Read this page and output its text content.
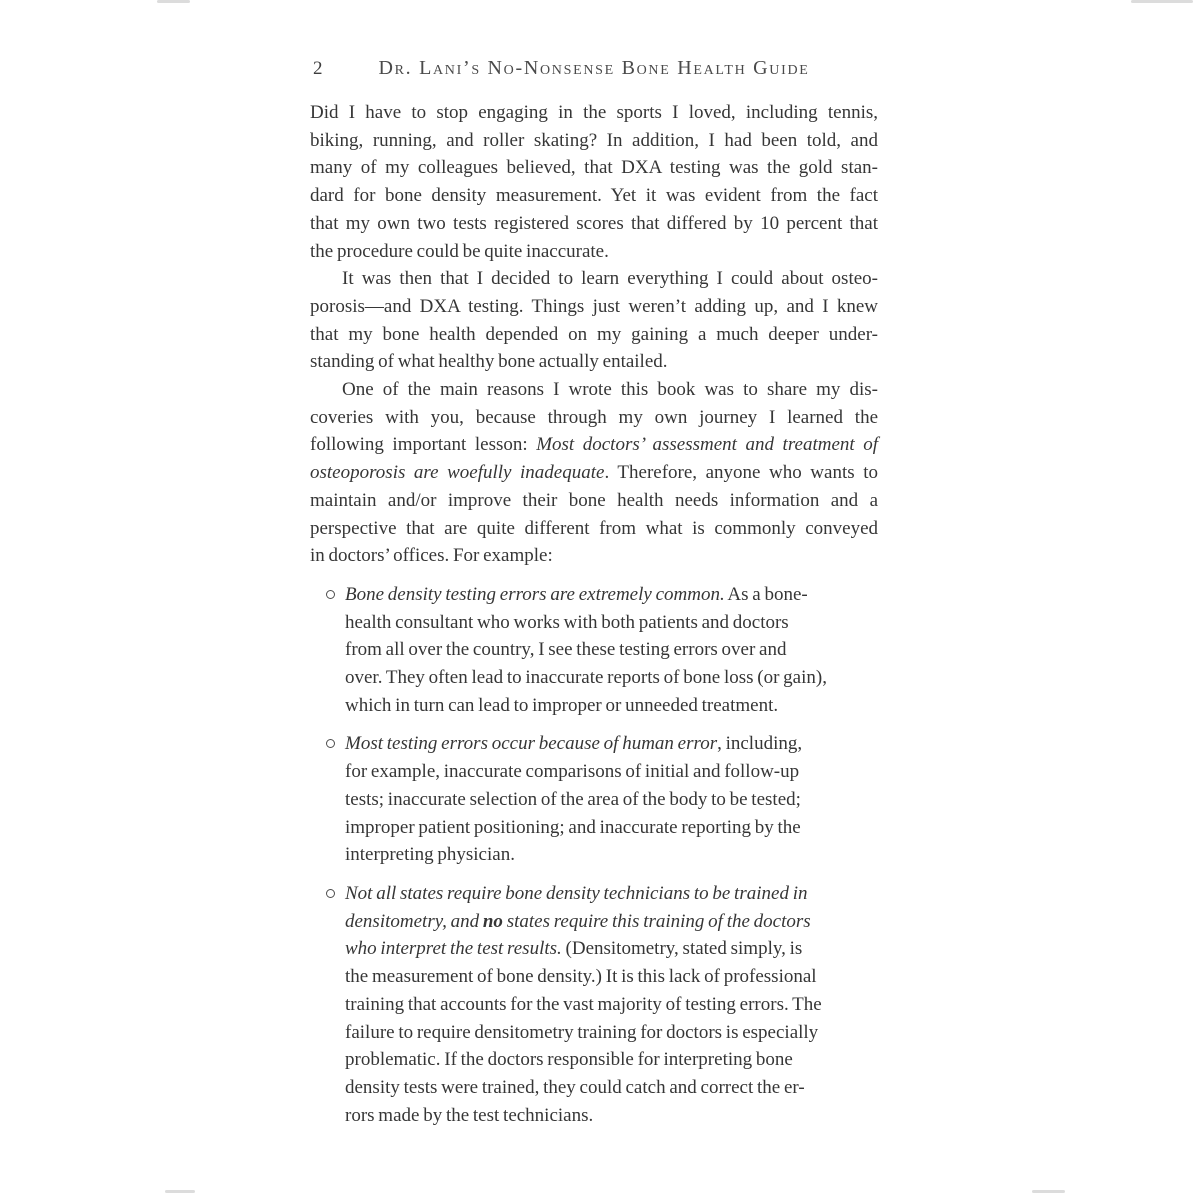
2	Dr. Lani’s No-Nonsense Bone Health Guide
Did I have to stop engaging in the sports I loved, including tennis,
biking, running, and roller skating? In addition, I had been told, and
many of my colleagues believed, that DXA testing was the gold stan-
dard for bone density measurement. Yet it was evident from the fact
that my own two tests registered scores that differed by 10 percent that
the procedure could be quite inaccurate.
It was then that I decided to learn everything I could about osteo-
porosis—and DXA testing. Things just weren’t adding up, and I knew
that my bone health depended on my gaining a much deeper under-
standing of what healthy bone actually entailed.
One of the main reasons I wrote this book was to share my dis-
coveries with you, because through my own journey I learned the
following important lesson: Most doctors’ assessment and treatment of
osteoporosis are woefully inadequate. Therefore, anyone who wants to
maintain and/or improve their bone health needs information and a
perspective that are quite different from what is commonly conveyed
in doctors’ offices. For example:
Bone density testing errors are extremely common. As a bone-
health consultant who works with both patients and doctors
from all over the country, I see these testing errors over and
over. They often lead to inaccurate reports of bone loss (or gain),
which in turn can lead to improper or unneeded treatment.
Most testing errors occur because of human error, including,
for example, inaccurate comparisons of initial and follow-up
tests; inaccurate selection of the area of the body to be tested;
improper patient positioning; and inaccurate reporting by the
interpreting physician.
Not all states require bone density technicians to be trained in
densitometry, and no states require this training of the doctors
who interpret the test results. (Densitometry, stated simply, is
the measurement of bone density.) It is this lack of professional
training that accounts for the vast majority of testing errors. The
failure to require densitometry training for doctors is especially
problematic. If the doctors responsible for interpreting bone
density tests were trained, they could catch and correct the er-
rors made by the test technicians.
